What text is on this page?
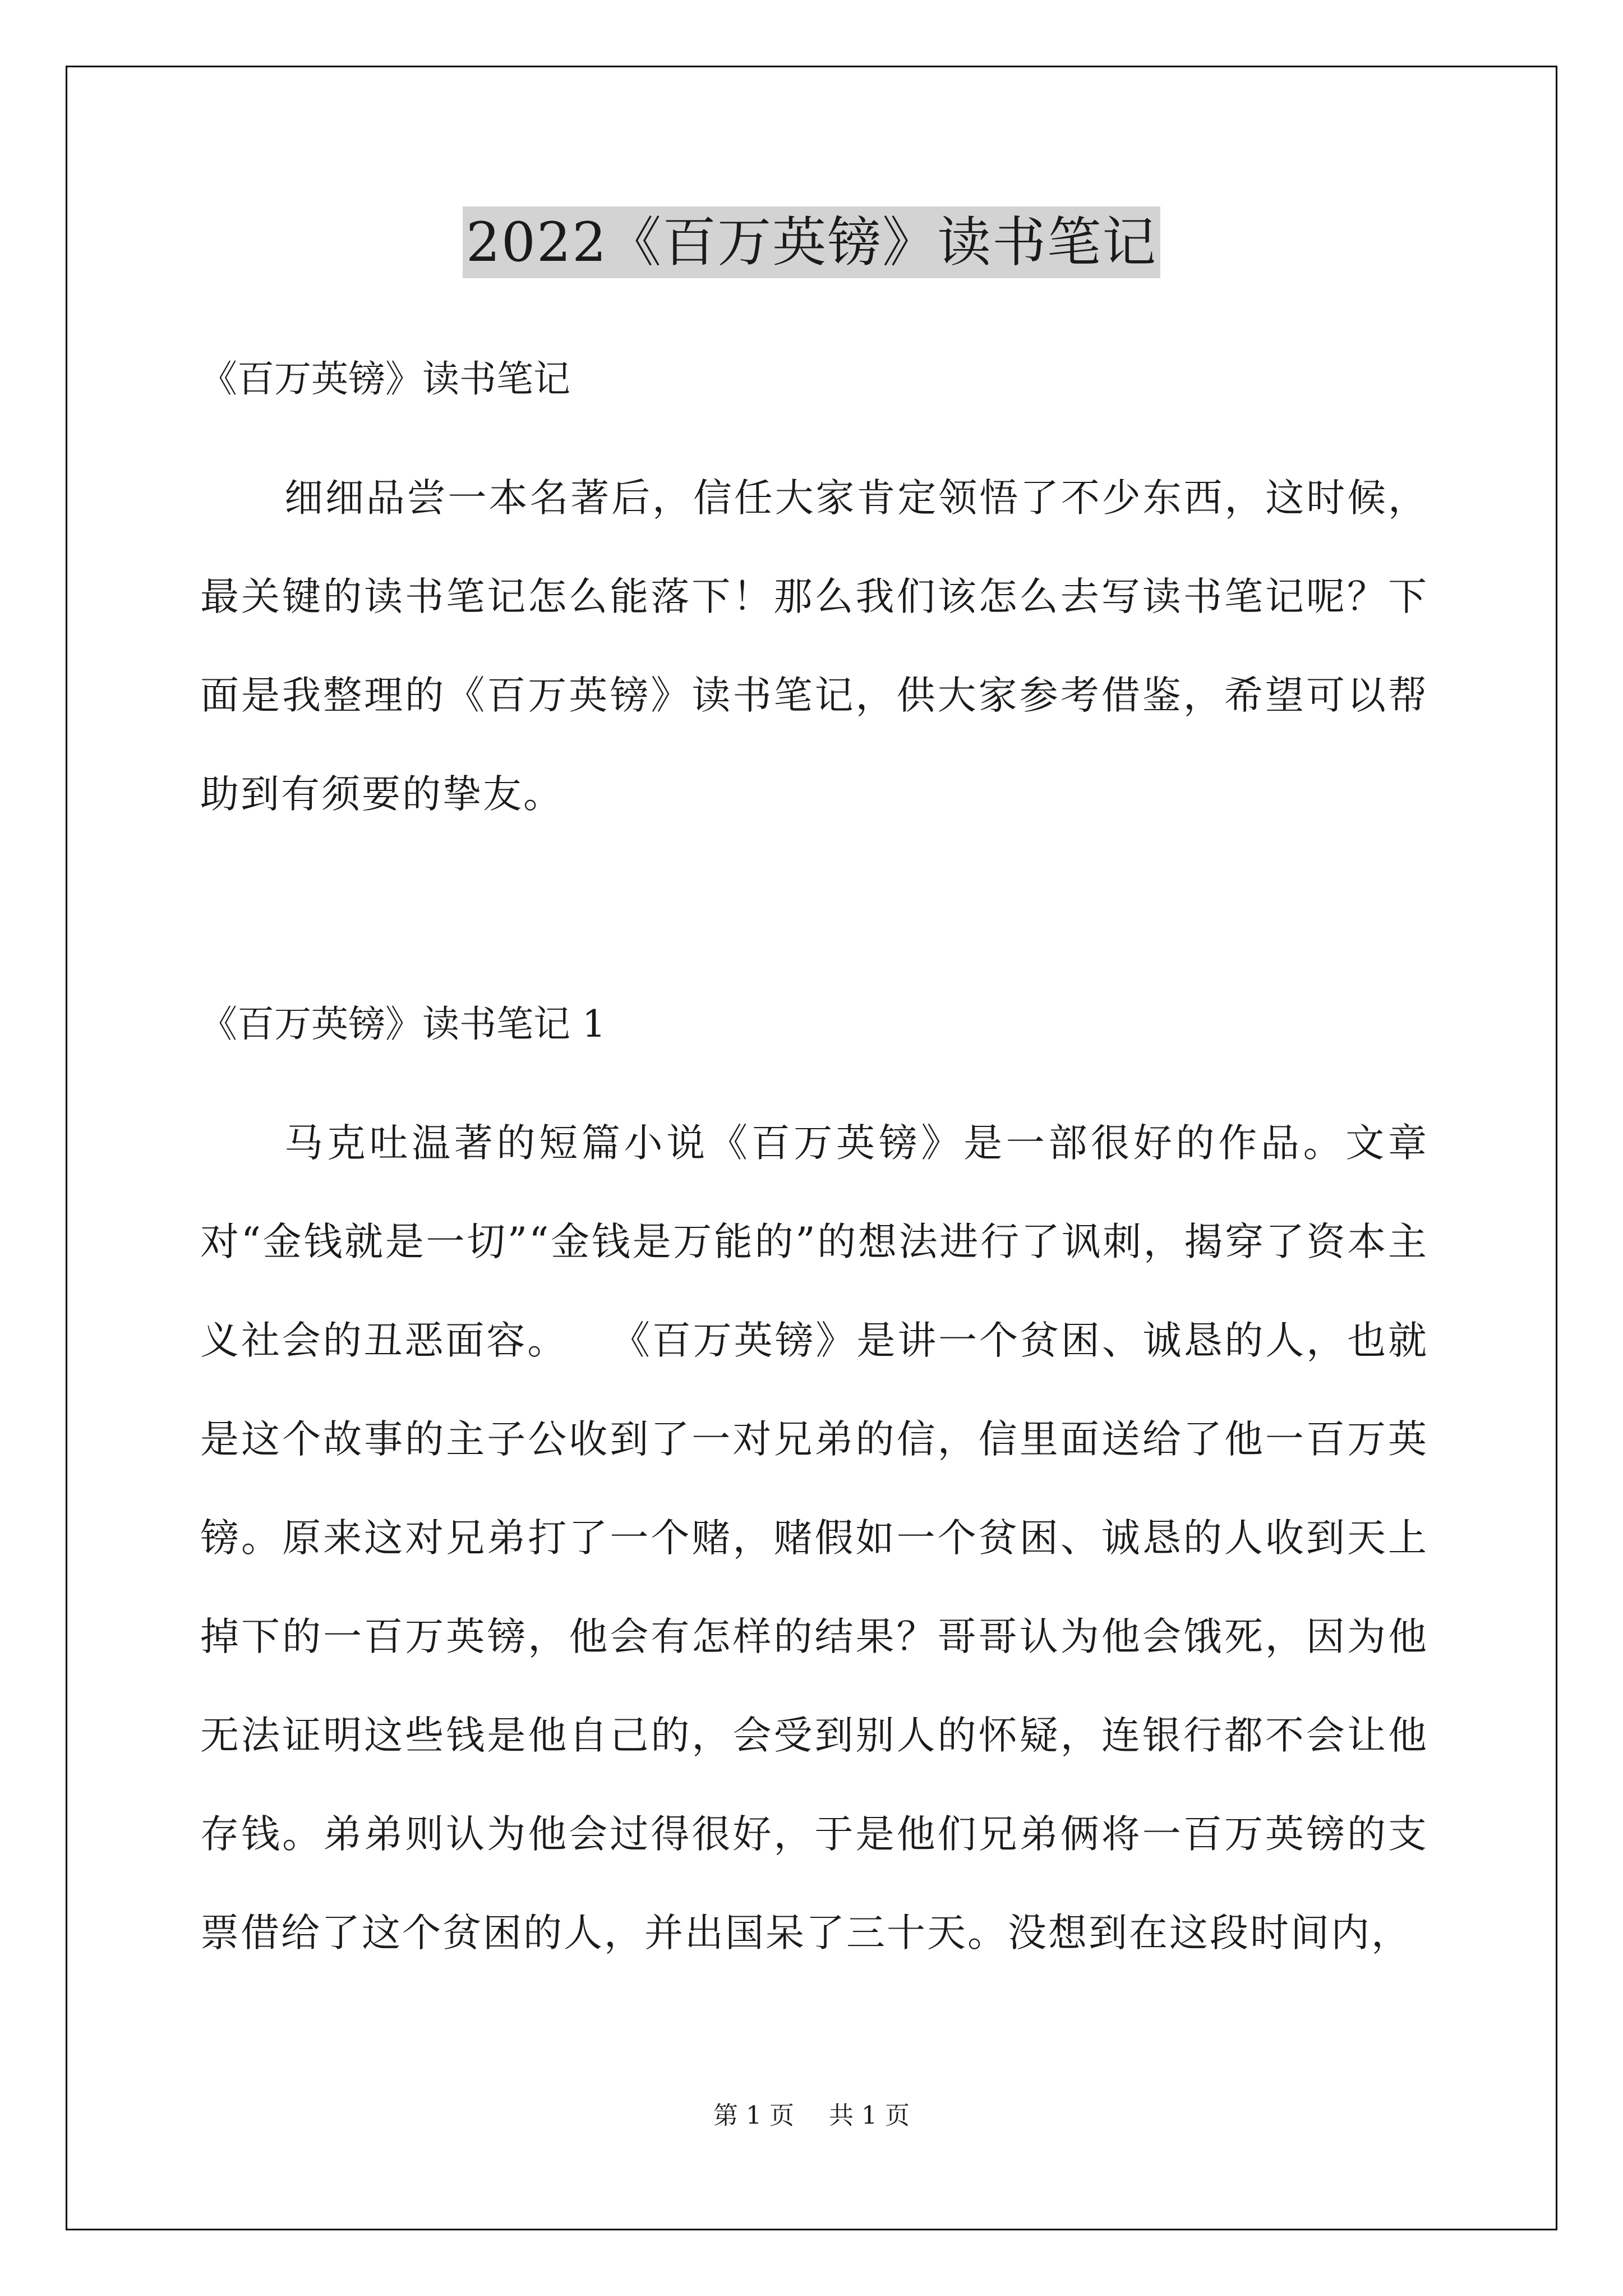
2022《百万英镑》读书笔记

《百万英镑》读书笔记

细细品尝一本名著后，信任大家肯定领悟了不少东西，这时候，最关键的读书笔记怎么能落下！那么我们该怎么去写读书笔记呢？下面是我整理的《百万英镑》读书笔记，供大家参考借鉴，希望可以帮助到有须要的挚友。

《百万英镑》读书笔记 1

马克吐温著的短篇小说《百万英镑》是一部很好的作品。文章对“金钱就是一切”“金钱是万能的”的想法进行了讽刺，揭穿了资本主义社会的丑恶面容。　　《百万英镑》是讲一个贫困、诚恳的人，也就是这个故事的主子公收到了一对兄弟的信，信里面送给了他一百万英镑。原来这对兄弟打了一个赌，赌假如一个贫困、诚恳的人收到天上掉下的一百万英镑，他会有怎样的结果？哥哥认为他会饿死，因为他无法证明这些钱是他自己的，会受到别人的怀疑，连银行都不会让他存钱。弟弟则认为他会过得很好，于是他们兄弟俩将一百万英镑的支票借给了这个贫困的人，并出国呆了三十天。没想到在这段时间内，

第 1 页 共 1 页
